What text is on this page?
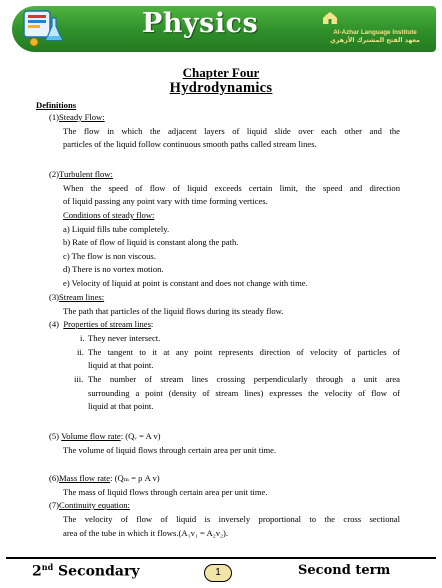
Physics	Al-Azhar Language Institute
معهد الفتح المشترك الأزهري
Chapter Four
Hydrodynamics
Definitions
(1)Steady Flow:
The flow in which the adjacent layers of liquid slide over each other and the
particles of the liquid follow continuous smooth paths called stream lines.
(2)Turbulent flow:
When the speed of flow of liquid exceeds certain limit, the speed and direction
of liquid passing any point vary with time forming vertices.
Conditions of steady flow:
a) Liquid fills tube completely.
b) Rate of flow of liquid is constant along the path.
c) The flow is non viscous.
d) There is no vortex motion.
e) Velocity of liquid at point is constant and does not change with time.
(3)Stream lines:
The path that particles of the liquid flows during its steady flow.
(4) Properties of stream lines:
i. They never intersect.
ii. The tangent to it at any point represents direction of velocity of particles of
liquid at that point.
iii. The number of stream lines crossing perpendicularly through a unit area
surrounding a point (density of stream lines) expresses the velocity of flow of
liquid at that point.
(5) Volume flow rate: (Qᵥ = A v)
The volume of liquid flows through certain area per unit time.
(6)Mass flow rate: (Qₘ = ρ A v)
The mass of liquid flows through certain area per unit time.
(7)Continuity equation:
The velocity of flow of liquid is inversely proportional to the cross sectional
area of the tube in which it flows.(A₁v₁ = A₂v₂).
2nd Secondary	1	Second term
